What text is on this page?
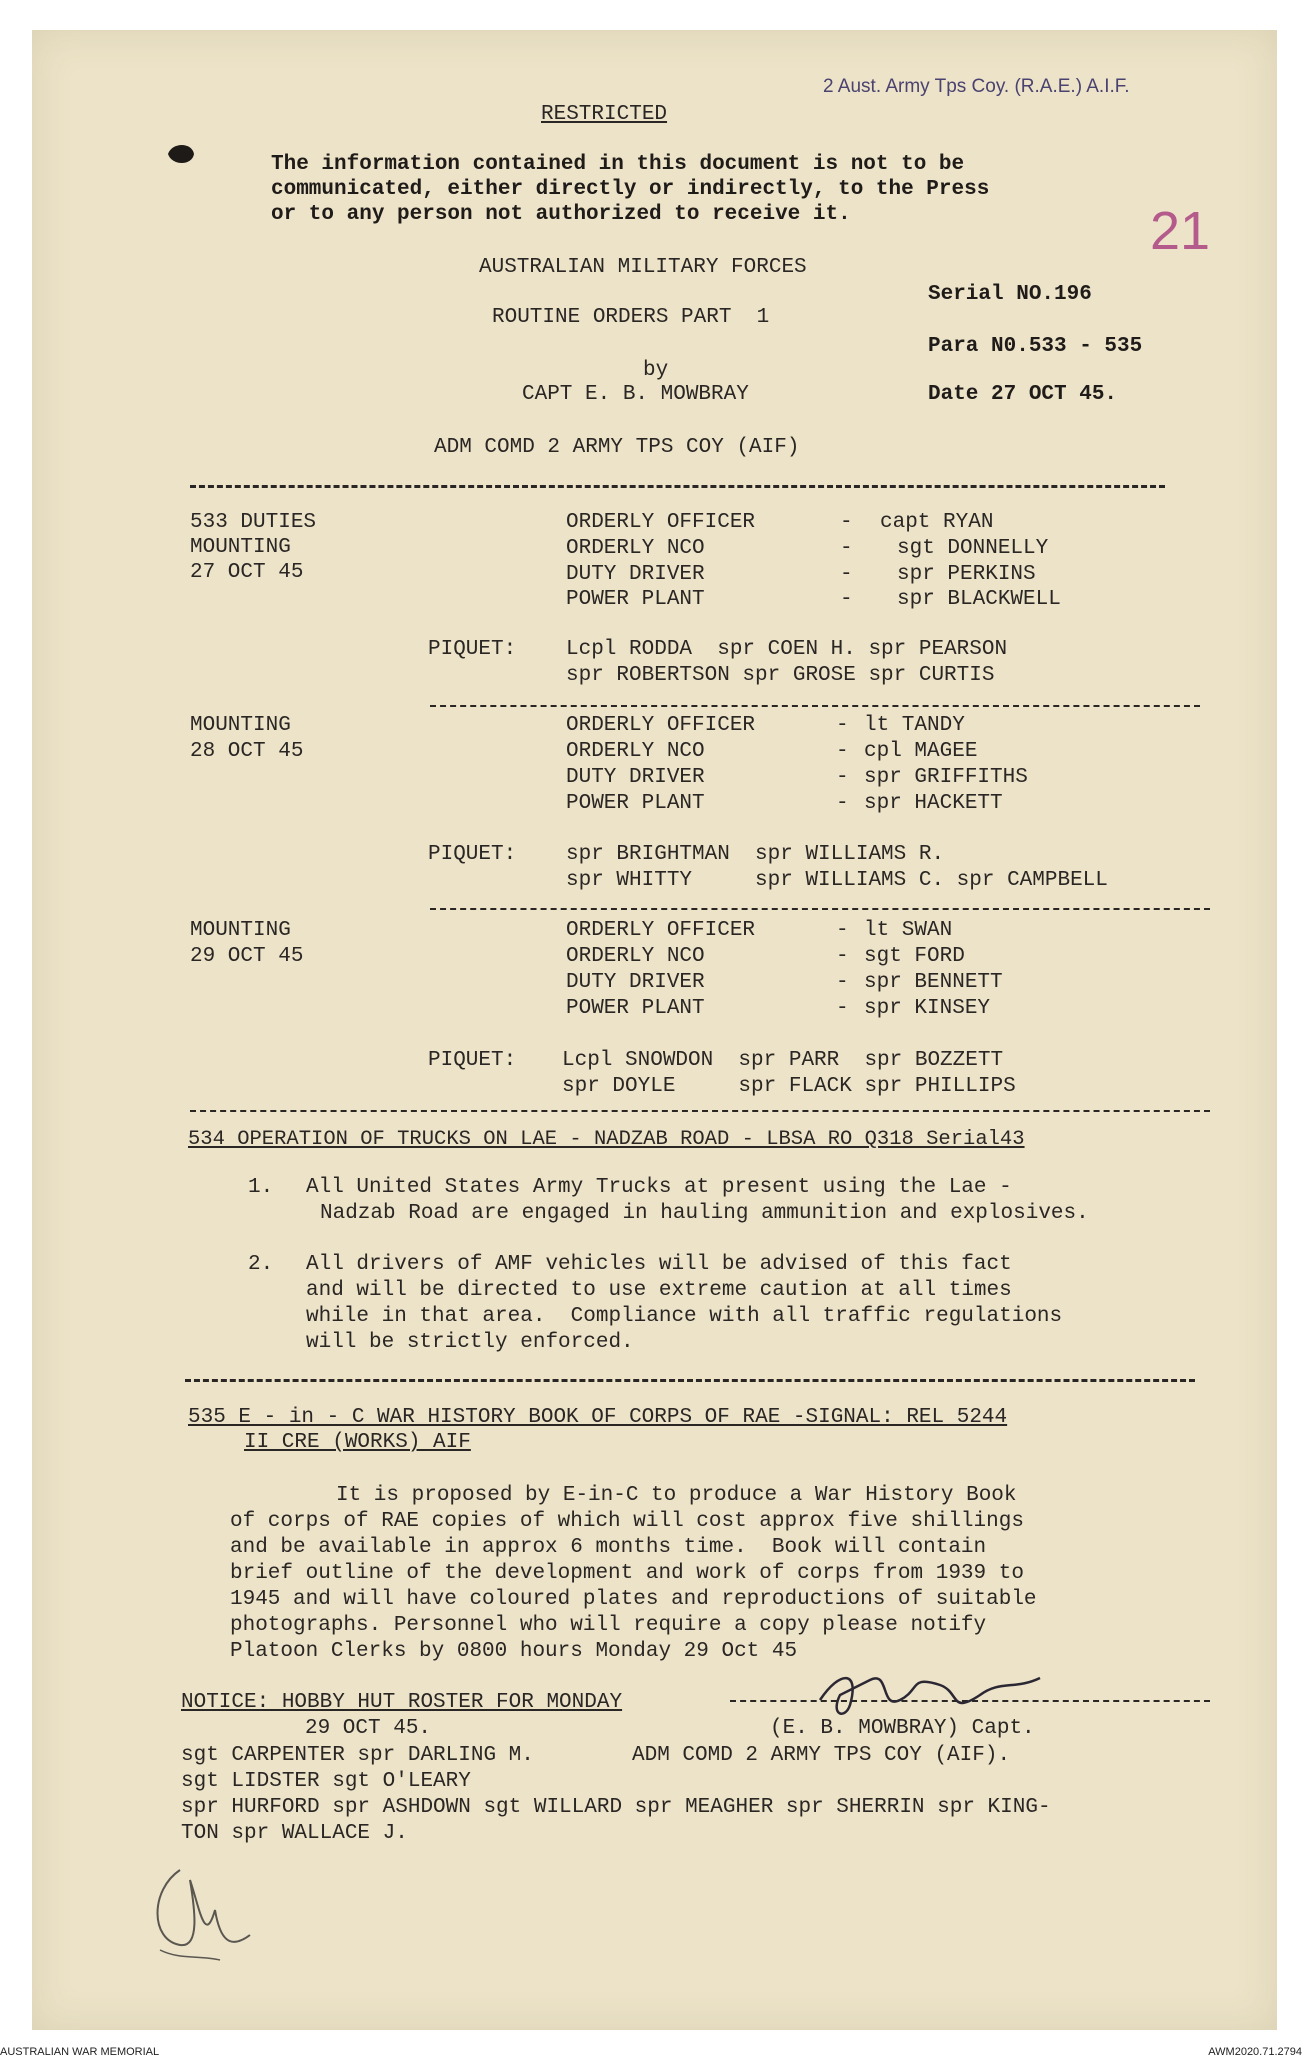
2 Aust. Army Tps Coy. (R.A.E.) A.I.F.
21
RESTRICTED
The information contained in this document is not to be
communicated, either directly or indirectly, to the Press
or to any person not authorized to receive it.
AUSTRALIAN MILITARY FORCES
ROUTINE ORDERS PART  1
by
CAPT E. B. MOWBRAY
ADM COMD 2 ARMY TPS COY (AIF)
Serial NO.196
Para N0.533 - 535
Date 27 OCT 45.
533 DUTIES
MOUNTING
27 OCT 45
ORDERLY OFFICER
ORDERLY NCO
DUTY DRIVER
POWER PLANT
-
-
-
-
capt RYAN
sgt DONNELLY
spr PERKINS
spr BLACKWELL
PIQUET: Lcpl RODDA  spr COEN H. spr PEARSON
spr ROBERTSON spr GROSE spr CURTIS
MOUNTING
28 OCT 45
ORDERLY OFFICER
ORDERLY NCO
DUTY DRIVER
POWER PLANT
-
-
-
-
lt TANDY
cpl MAGEE
spr GRIFFITHS
spr HACKETT
PIQUET: spr BRIGHTMAN  spr WILLIAMS R.
spr WHITTY     spr WILLIAMS C. spr CAMPBELL
MOUNTING
29 OCT 45
ORDERLY OFFICER
ORDERLY NCO
DUTY DRIVER
POWER PLANT
-
-
-
-
lt SWAN
sgt FORD
spr BENNETT
spr KINSEY
PIQUET: Lcpl SNOWDON  spr PARR  spr BOZZETT
spr DOYLE     spr FLACK spr PHILLIPS
534 OPERATION OF TRUCKS ON LAE - NADZAB ROAD - LBSA RO Q318 Serial43
1. All United States Army Trucks at present using the Lae -
Nadzab Road are engaged in hauling ammunition and explosives.
2. All drivers of AMF vehicles will be advised of this fact
and will be directed to use extreme caution at all times
while in that area.  Compliance with all traffic regulations
will be strictly enforced.
535 E - in - C WAR HISTORY BOOK OF CORPS OF RAE -SIGNAL: REL 5244
II CRE (WORKS) AIF
It is proposed by E-in-C to produce a War History Book
of corps of RAE copies of which will cost approx five shillings
and be available in approx 6 months time.  Book will contain
brief outline of the development and work of corps from 1939 to
1945 and will have coloured plates and reproductions of suitable
photographs. Personnel who will require a copy please notify
Platoon Clerks by 0800 hours Monday 29 Oct 45
NOTICE: HOBBY HUT ROSTER FOR MONDAY
29 OCT 45.	(E. B. MOWBRAY) Capt.
ADM COMD 2 ARMY TPS COY (AIF).
sgt CARPENTER spr DARLING M.
sgt LIDSTER sgt O'LEARY
spr HURFORD spr ASHDOWN sgt WILLARD spr MEAGHER spr SHERRIN spr KING-
TON spr WALLACE J.
AUSTRALIAN WAR MEMORIAL	AWM2020.71.2794
